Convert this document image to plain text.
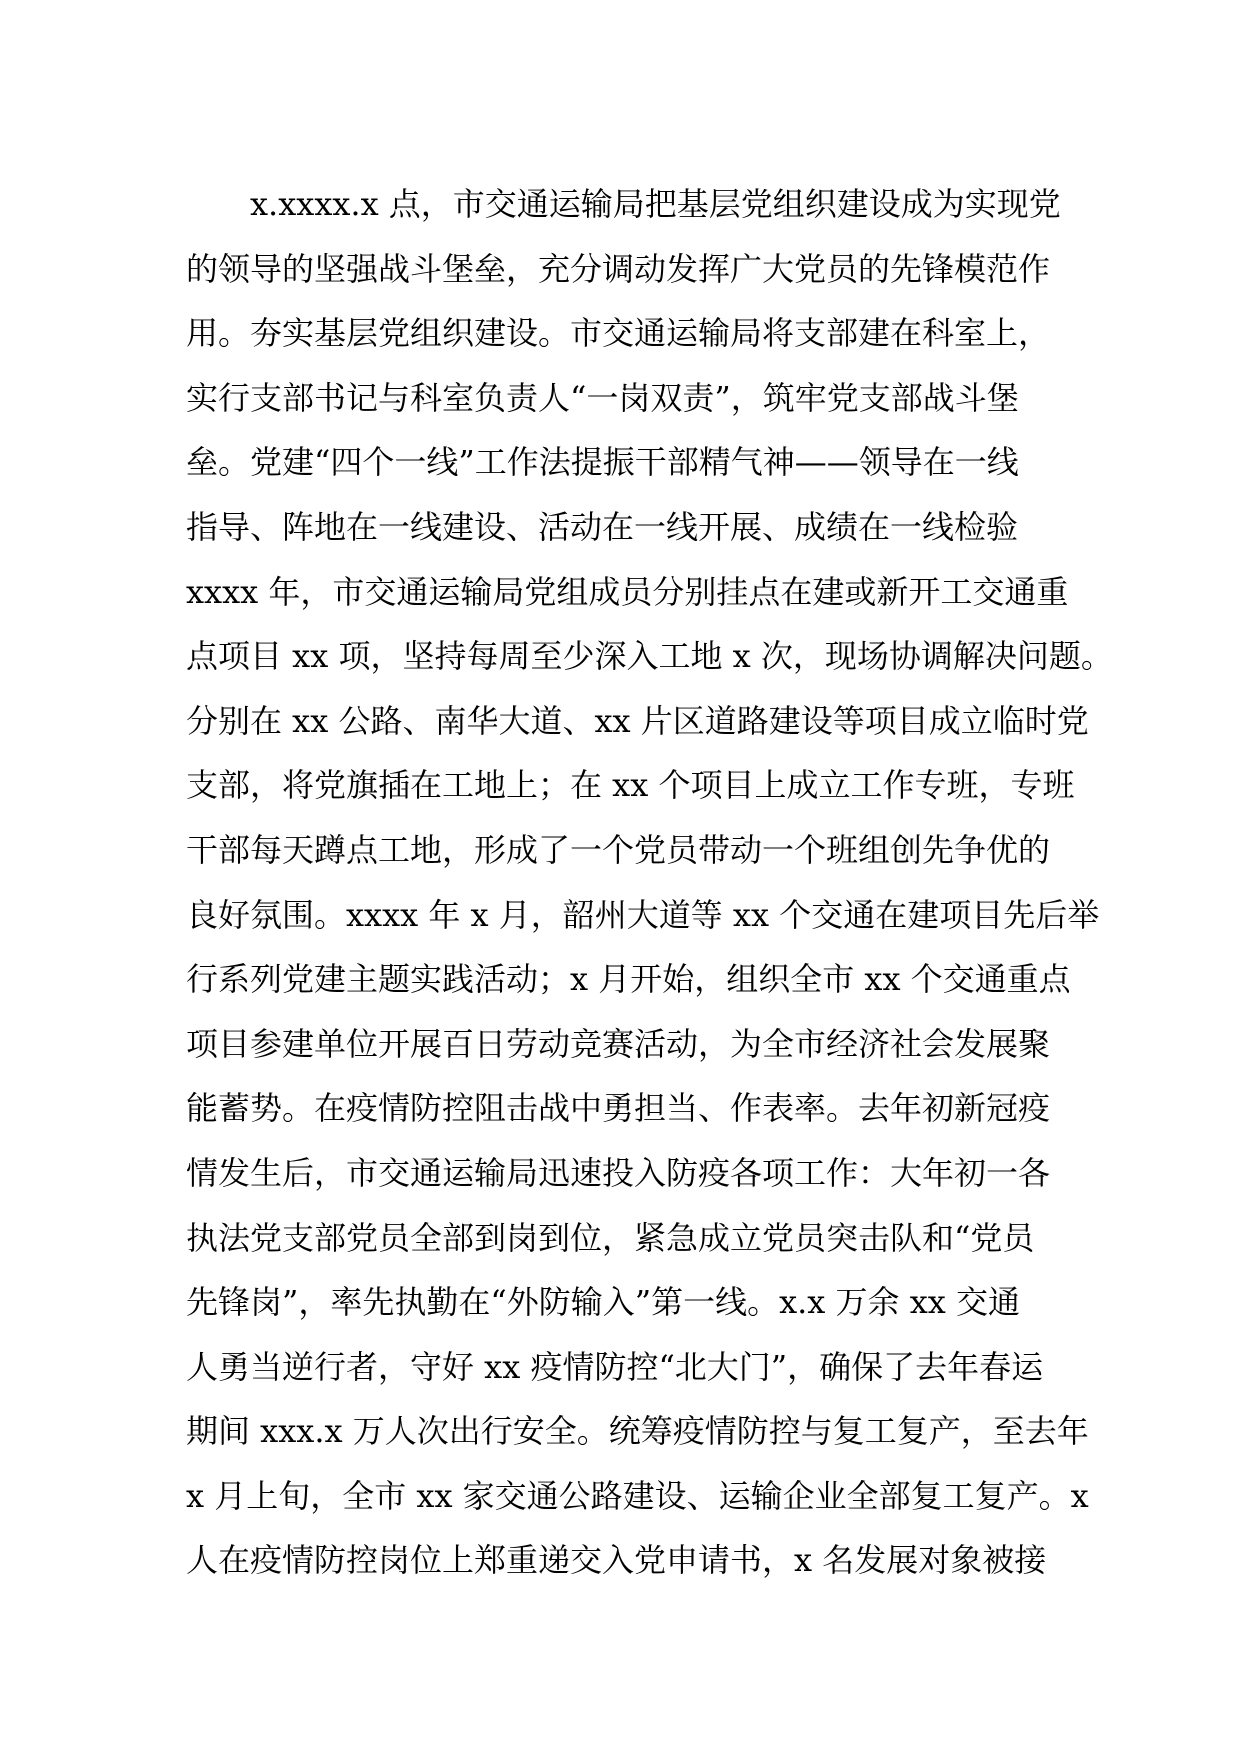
x.xxxx.x 点，市交通运输局把基层党组织建设成为实现党
的领导的坚强战斗堡垒，充分调动发挥广大党员的先锋模范作
用。夯实基层党组织建设。市交通运输局将支部建在科室上，
实行支部书记与科室负责人“一岗双责”，筑牢党支部战斗堡
垒。党建“四个一线”工作法提振干部精气神——领导在一线
指导、阵地在一线建设、活动在一线开展、成绩在一线检验
xxxx 年，市交通运输局党组成员分别挂点在建或新开工交通重
点项目 xx 项，坚持每周至少深入工地 x 次，现场协调解决问题。
分别在 xx 公路、南华大道、xx 片区道路建设等项目成立临时党
支部，将党旗插在工地上；在 xx 个项目上成立工作专班，专班
干部每天蹲点工地，形成了一个党员带动一个班组创先争优的
良好氛围。xxxx 年 x 月，韶州大道等 xx 个交通在建项目先后举
行系列党建主题实践活动；x 月开始，组织全市 xx 个交通重点
项目参建单位开展百日劳动竞赛活动，为全市经济社会发展聚
能蓄势。在疫情防控阻击战中勇担当、作表率。去年初新冠疫
情发生后，市交通运输局迅速投入防疫各项工作：大年初一各
执法党支部党员全部到岗到位，紧急成立党员突击队和“党员
先锋岗”，率先执勤在“外防输入”第一线。x.x 万余 xx 交通
人勇当逆行者，守好 xx 疫情防控“北大门”，确保了去年春运
期间 xxx.x 万人次出行安全。统筹疫情防控与复工复产，至去年
x 月上旬，全市 xx 家交通公路建设、运输企业全部复工复产。x
人在疫情防控岗位上郑重递交入党申请书，x 名发展对象被接
